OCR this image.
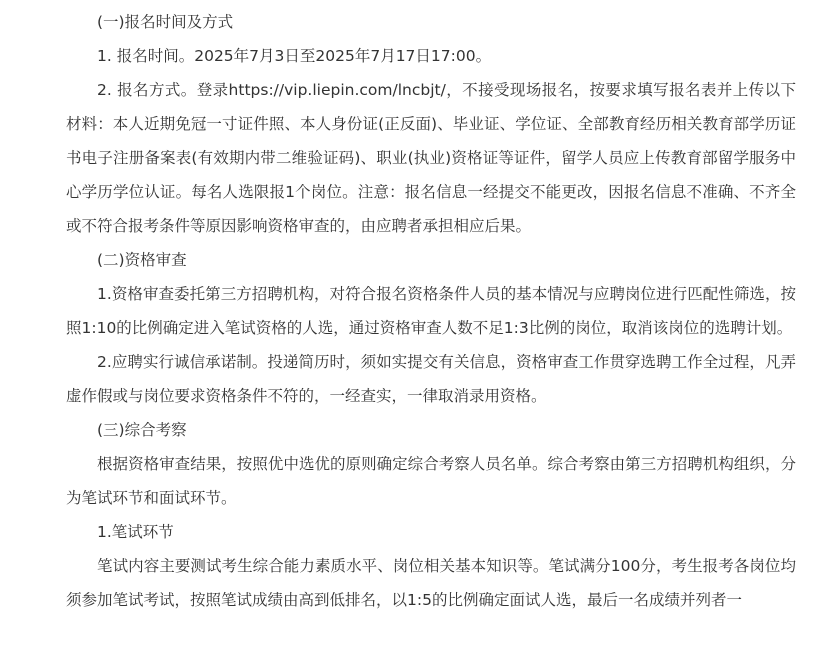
(一)报名时间及方式

1. 报名时间。2025年7月3日至2025年7月17日17:00。

2. 报名方式。登录https://vip.liepin.com/lncbjt/，不接受现场报名，按要求填写报名表并上传以下材料：本人近期免冠一寸证件照、本人身份证(正反面)、毕业证、学位证、全部教育经历相关教育部学历证书电子注册备案表(有效期内带二维验证码)、职业(执业)资格证等证件，留学人员应上传教育部留学服务中心学历学位认证。每名人选限报1个岗位。注意：报名信息一经提交不能更改，因报名信息不准确、不齐全或不符合报考条件等原因影响资格审查的，由应聘者承担相应后果。

(二)资格审查

1.资格审查委托第三方招聘机构，对符合报名资格条件人员的基本情况与应聘岗位进行匹配性筛选，按照1:10的比例确定进入笔试资格的人选，通过资格审查人数不足1:3比例的岗位，取消该岗位的选聘计划。

2.应聘实行诚信承诺制。投递简历时，须如实提交有关信息，资格审查工作贯穿选聘工作全过程，凡弄虚作假或与岗位要求资格条件不符的，一经查实，一律取消录用资格。

(三)综合考察

根据资格审查结果，按照优中选优的原则确定综合考察人员名单。综合考察由第三方招聘机构组织，分为笔试环节和面试环节。

1.笔试环节

笔试内容主要测试考生综合能力素质水平、岗位相关基本知识等。笔试满分100分，考生报考各岗位均须参加笔试考试，按照笔试成绩由高到低排名，以1:5的比例确定面试人选，最后一名成绩并列者一
